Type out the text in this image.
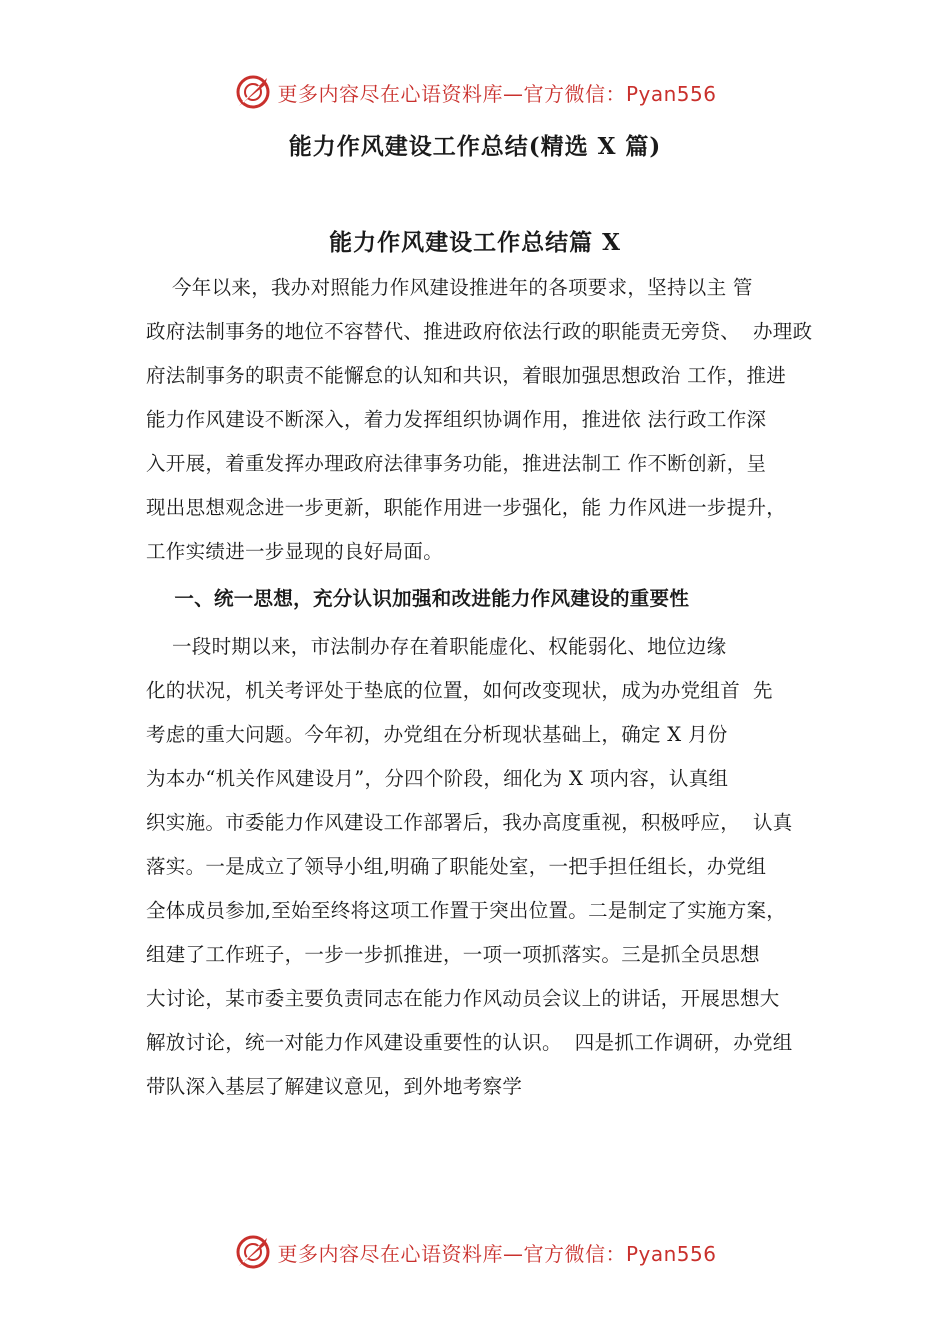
更多内容尽在心语资料库—官方微信：Pyan556
能力作风建设工作总结(精选 X 篇)
能力作风建设工作总结篇 X
今年以来，我办对照能力作风建设推进年的各项要求，坚持以主 管
政府法制事务的地位不容替代、推进政府依法行政的职能责无旁贷、  办理政
府法制事务的职责不能懈怠的认知和共识，着眼加强思想政治 工作，推进
能力作风建设不断深入，着力发挥组织协调作用，推进依 法行政工作深
入开展，着重发挥办理政府法律事务功能，推进法制工 作不断创新，呈
现出思想观念进一步更新，职能作用进一步强化，能 力作风进一步提升，
工作实绩进一步显现的良好局面。
一、统一思想，充分认识加强和改进能力作风建设的重要性
一段时期以来，市法制办存在着职能虚化、权能弱化、地位边缘
化的状况，机关考评处于垫底的位置，如何改变现状，成为办党组首  先
考虑的重大问题。今年初，办党组在分析现状基础上，确定 X 月份
为本办“机关作风建设月”，分四个阶段，细化为 X 项内容，认真组
织实施。市委能力作风建设工作部署后，我办高度重视，积极呼应，  认真
落实。一是成立了领导小组,明确了职能处室，一把手担任组长，办党组
全体成员参加,至始至终将这项工作置于突出位置。二是制定了实施方案，
组建了工作班子，一步一步抓推进，一项一项抓落实。三是抓全员思想
大讨论，某市委主要负责同志在能力作风动员会议上的讲话，开展思想大
解放讨论，统一对能力作风建设重要性的认识。  四是抓工作调研，办党组
带队深入基层了解建议意见，到外地考察学
更多内容尽在心语资料库—官方微信：Pyan556
